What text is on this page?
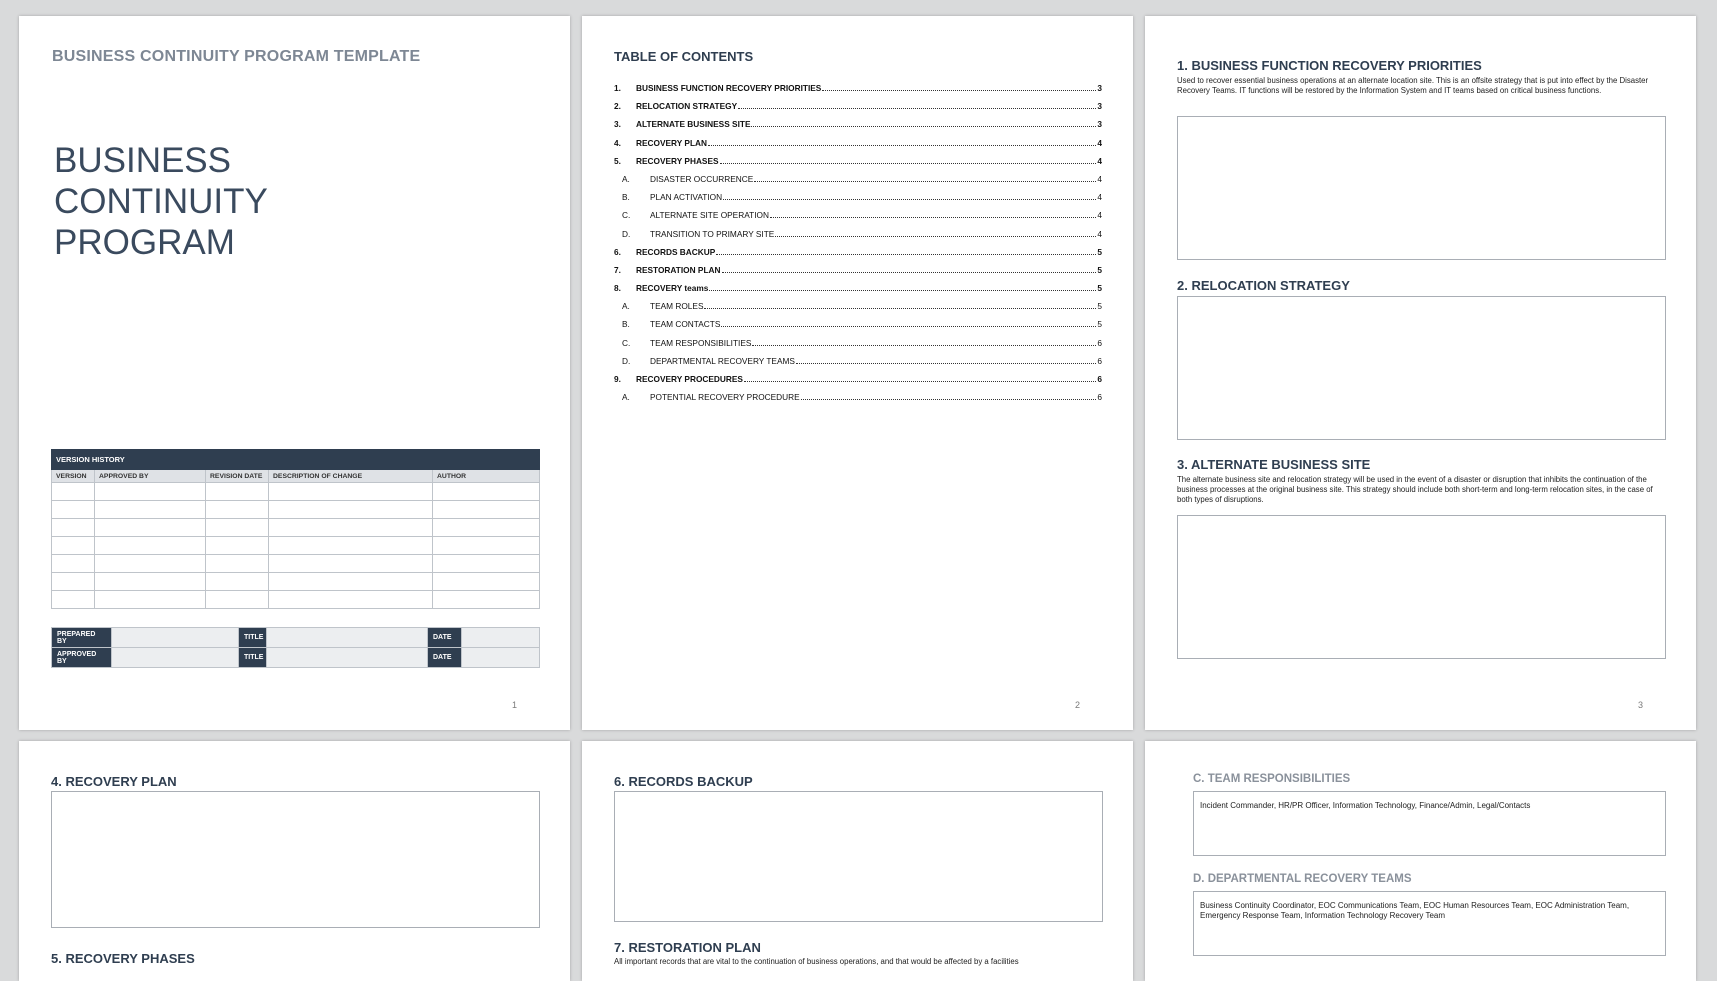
BUSINESS CONTINUITY PROGRAM TEMPLATE
BUSINESS CONTINUITY
PROGRAM
VERSION HISTORY				
VERSION	APPROVED BY	REVISION DATE	DESCRIPTION OF CHANGE	AUTHOR

PREPARED BY		TITLE		DATE	
APPROVED BY		TITLE		DATE	
1
TABLE OF CONTENTS
1.	BUSINESS FUNCTION RECOVERY PRIORITIES	3
2.	RELOCATION STRATEGY	3
3.	ALTERNATE BUSINESS SITE	3
4.	RECOVERY PLAN	4
5.	RECOVERY PHASES	4
A.	DISASTER OCCURRENCE	4
B.	PLAN ACTIVATION	4
C.	ALTERNATE SITE OPERATION	4
D.	TRANSITION TO PRIMARY SITE	4
6.	RECORDS BACKUP	5
7.	RESTORATION PLAN	5
8.	RECOVERY teams	5
A.	TEAM ROLES	5
B.	TEAM CONTACTS	5
C.	TEAM RESPONSIBILITIES	6
D.	DEPARTMENTAL RECOVERY TEAMS	6
9.	RECOVERY PROCEDURES	6
A.	POTENTIAL RECOVERY PROCEDURE	6
2
1. BUSINESS FUNCTION RECOVERY PRIORITIES
Used to recover essential business operations at an alternate location site. This is an offsite strategy that is put into effect by the Disaster Recovery Teams. IT functions will be restored by the Information System and IT teams based on critical business functions.
2. RELOCATION STRATEGY
3. ALTERNATE BUSINESS SITE
The alternate business site and relocation strategy will be used in the event of a disaster or disruption that inhibits the continuation of the business processes at the original business site. This strategy should include both short-term and long-term relocation sites, in the case of both types of disruptions.
3
4. RECOVERY PLAN
5. RECOVERY PHASES
6. RECORDS BACKUP
7. RESTORATION PLAN
All important records that are vital to the continuation of business operations, and that would be affected by a facilities
C. TEAM RESPONSIBILITIES
Incident Commander, HR/PR Officer, Information Technology, Finance/Admin, Legal/Contacts
D. DEPARTMENTAL RECOVERY TEAMS
Business Continuity Coordinator, EOC Communications Team, EOC Human Resources Team, EOC Administration Team, Emergency Response Team, Information Technology Recovery Team
